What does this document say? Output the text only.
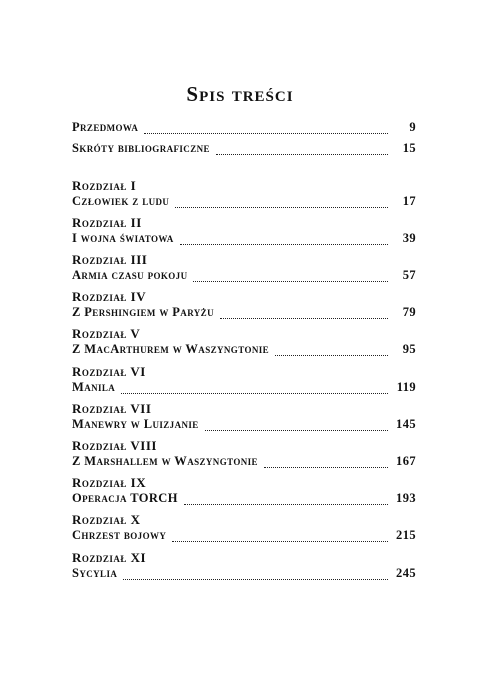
Spis treści
Przedmowa	9
Skróty bibliograficzne	15
Rozdział I
Człowiek z ludu	17
Rozdział II
I wojna światowa	39
Rozdział III
Armia czasu pokoju	57
Rozdział IV
Z Pershingiem w Paryżu	79
Rozdział V
Z MacArthurem w Waszyngtonie	95
Rozdział VI
Manila	119
Rozdział VII
Manewry w Luizjanie	145
Rozdział VIII
Z Marshallem w Waszyngtonie	167
Rozdział IX
Operacja TORCH	193
Rozdział X
Chrzest bojowy	215
Rozdział XI
Sycylia	245
